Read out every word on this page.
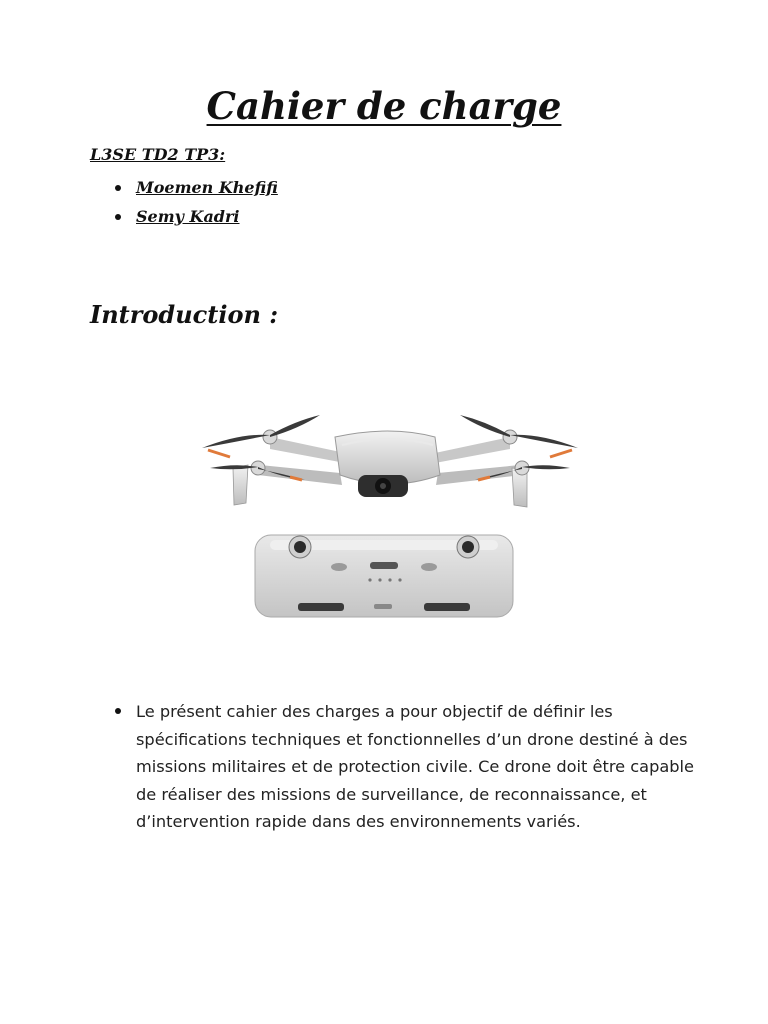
Cahier de charge

L3SE TD2 TP3:

Moemen Khefifi
Semy Kadri
Introduction :
Le présent cahier des charges a pour objectif de définir les spécifications techniques et fonctionnelles d’un drone destiné à des missions militaires et de protection civile. Ce drone doit être capable de réaliser des missions de surveillance, de reconnaissance, et d’intervention rapide dans des environnements variés.
